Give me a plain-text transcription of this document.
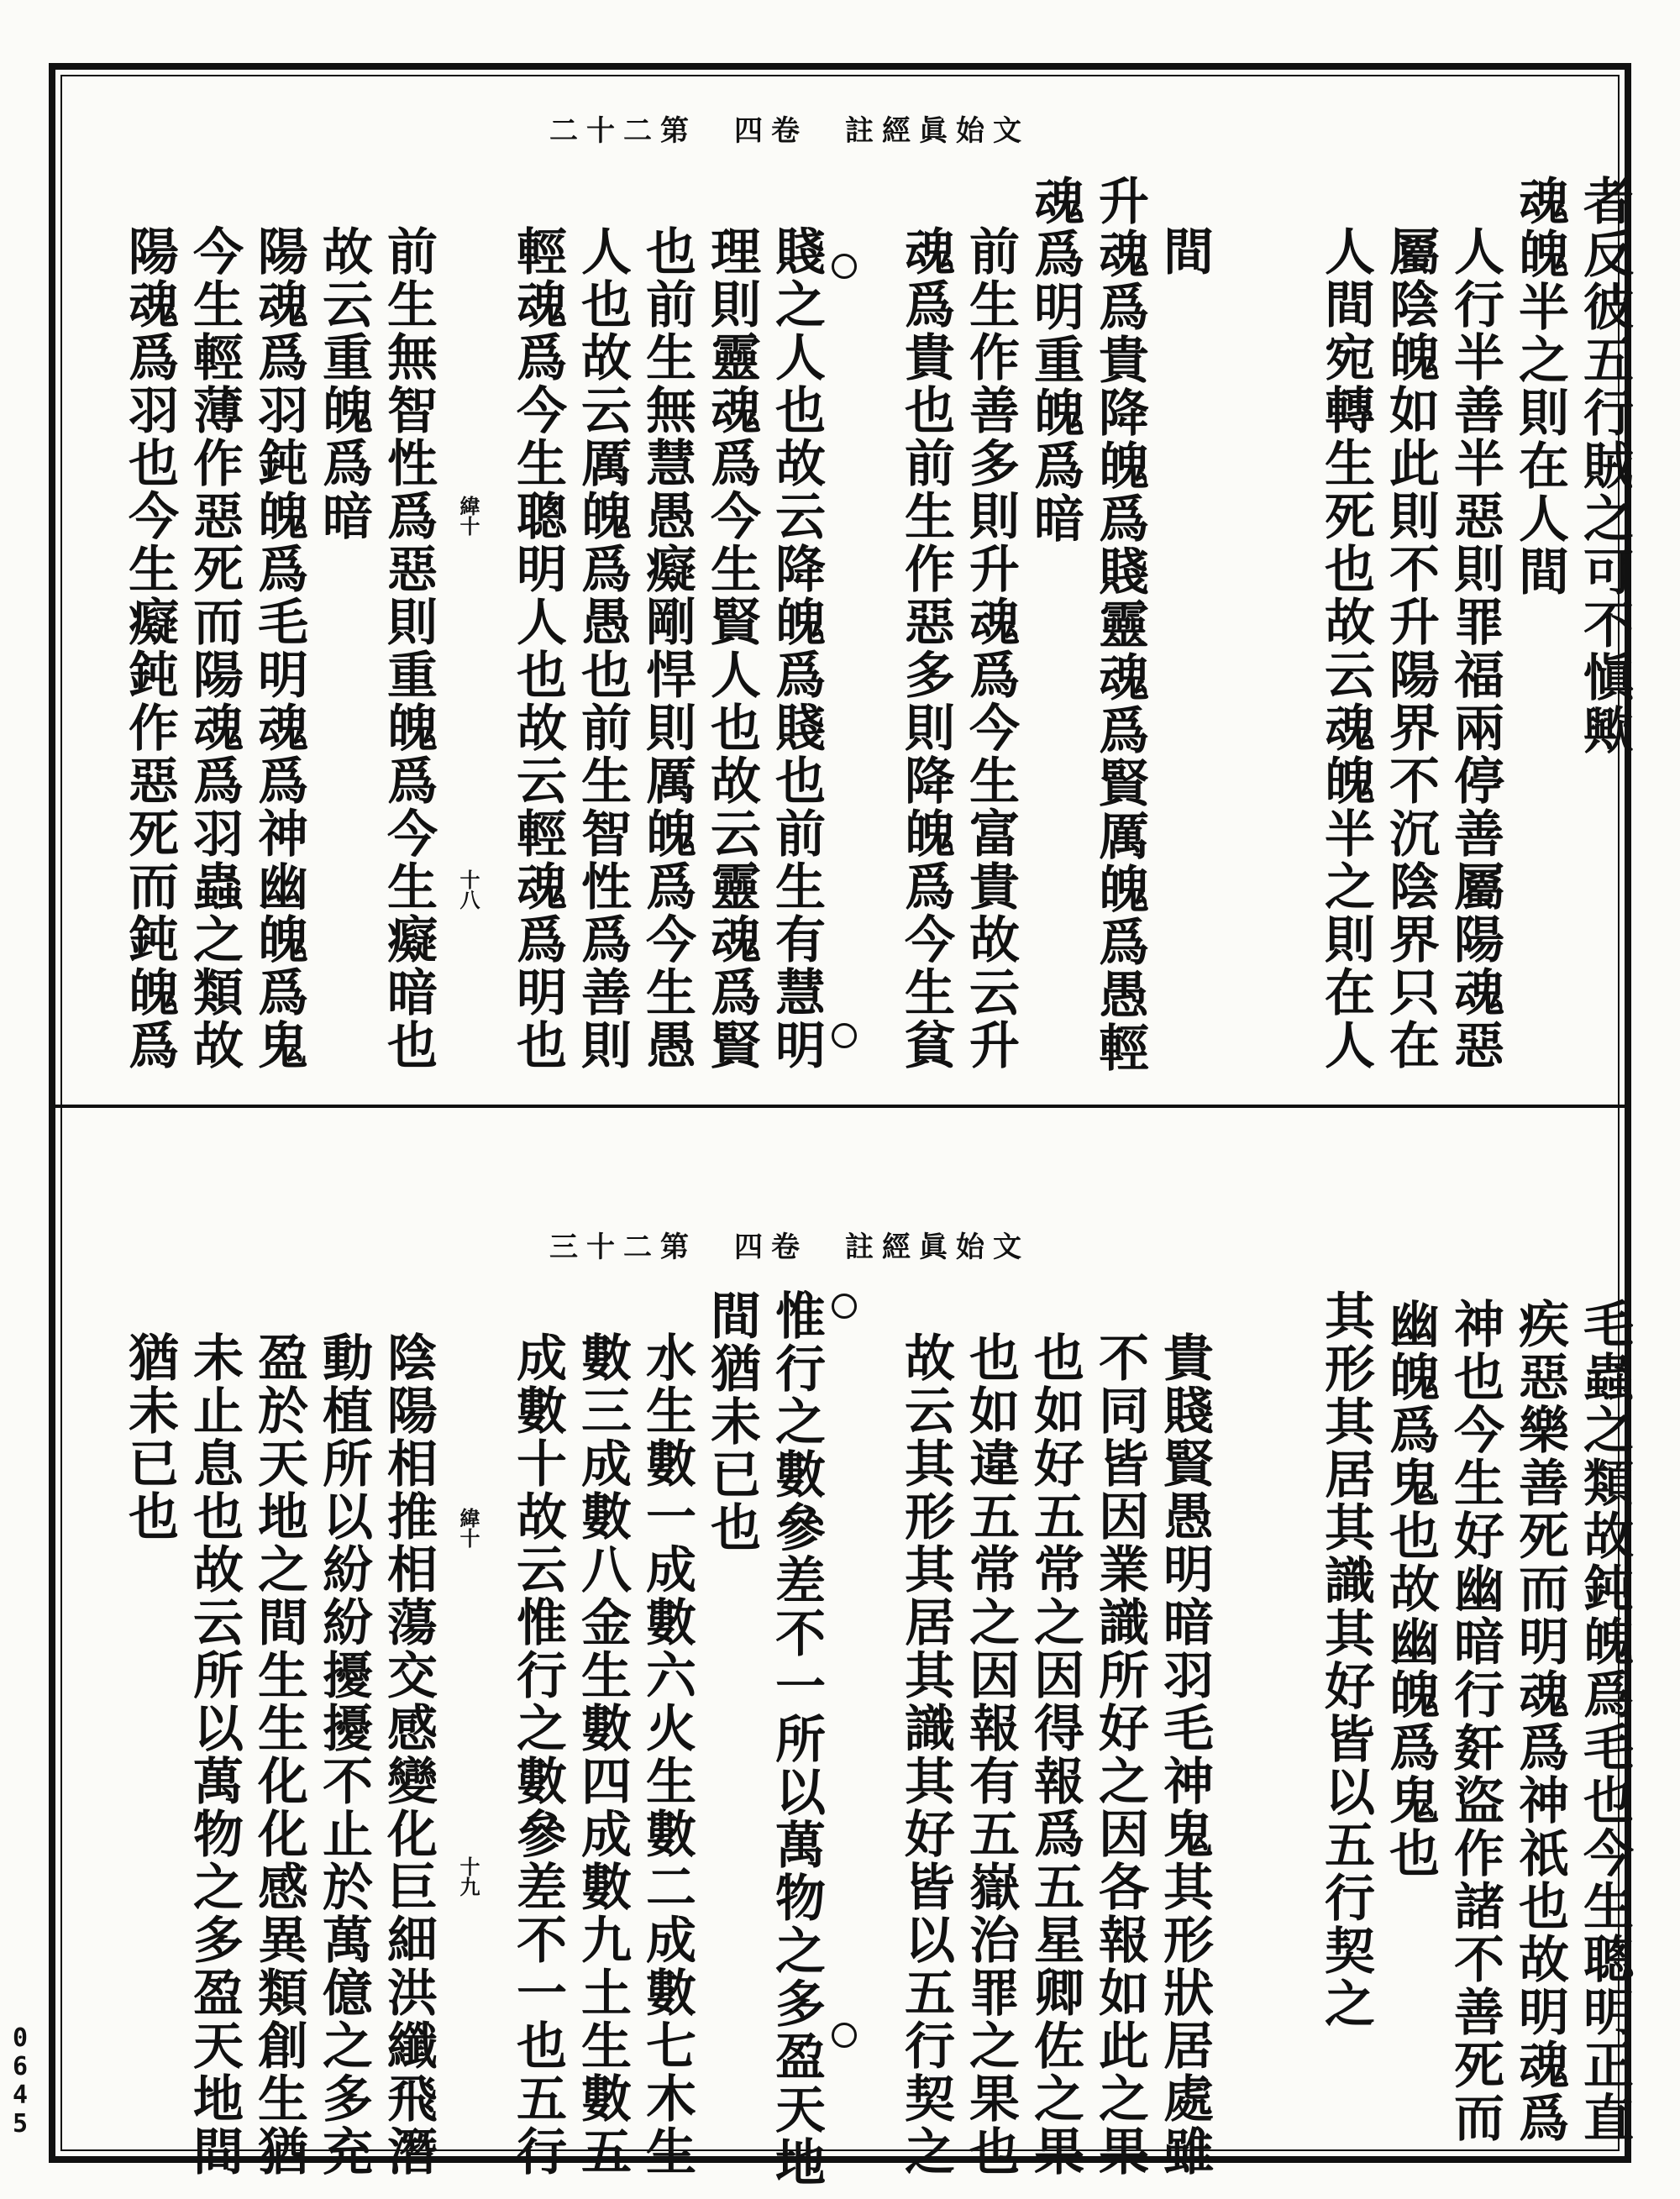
文始眞經註　卷四　第二十二
者反彼五行賊之可不愼歟
魂魄半之則在人間
人行半善半惡則罪福兩停善屬陽魂惡
屬陰魄如此則不升陽界不沉陰界只在
人間宛轉生死也故云魂魄半之則在人
間
升魂爲貴降魄爲賤靈魂爲賢厲魄爲愚輕
魂爲明重魄爲暗
前生作善多則升魂爲今生富貴故云升
魂爲貴也前生作惡多則降魄爲今生貧
賤之人也故云降魄爲賤也前生有慧明
理則靈魂爲今生賢人也故云靈魂爲賢
也前生無慧愚癡剛悍則厲魄爲今生愚
人也故云厲魄爲愚也前生智性爲善則
輕魂爲今生聰明人也故云輕魂爲明也
前生無智性爲惡則重魄爲今生癡暗也
故云重魄爲暗
陽魂爲羽鈍魄爲毛明魂爲神幽魄爲鬼
今生輕薄作惡死而陽魂爲羽蟲之類故
陽魂爲羽也今生癡鈍作惡死而鈍魄爲	緯十
十八
文始眞經註　卷四　第二十三
毛蟲之類故鈍魄爲毛也今生聰明正直
疾惡樂善死而明魂爲神祇也故明魂爲
神也今生好幽暗行姧盜作諸不善死而
幽魄爲鬼也故幽魄爲鬼也
其形其居其識其好皆以五行契之
貴賤賢愚明暗羽毛神鬼其形狀居處雖
不同皆因業識所好之因各報如此之果
也如好五常之因得報爲五星卿佐之果
也如違五常之因報有五嶽治罪之果也
故云其形其居其識其好皆以五行契之
惟行之數參差不一所以萬物之多盈天地
間猶未已也
水生數一成數六火生數二成數七木生
數三成數八金生數四成數九土生數五
成數十故云惟行之數參差不一也五行
陰陽相推相蕩交感變化巨細洪纖飛潛
動植所以紛紛擾擾不止於萬億之多充
盈於天地之間生生化化感異類創生猶
未止息也故云所以萬物之多盈天地間
猶未已也	緯十
十九
0645
